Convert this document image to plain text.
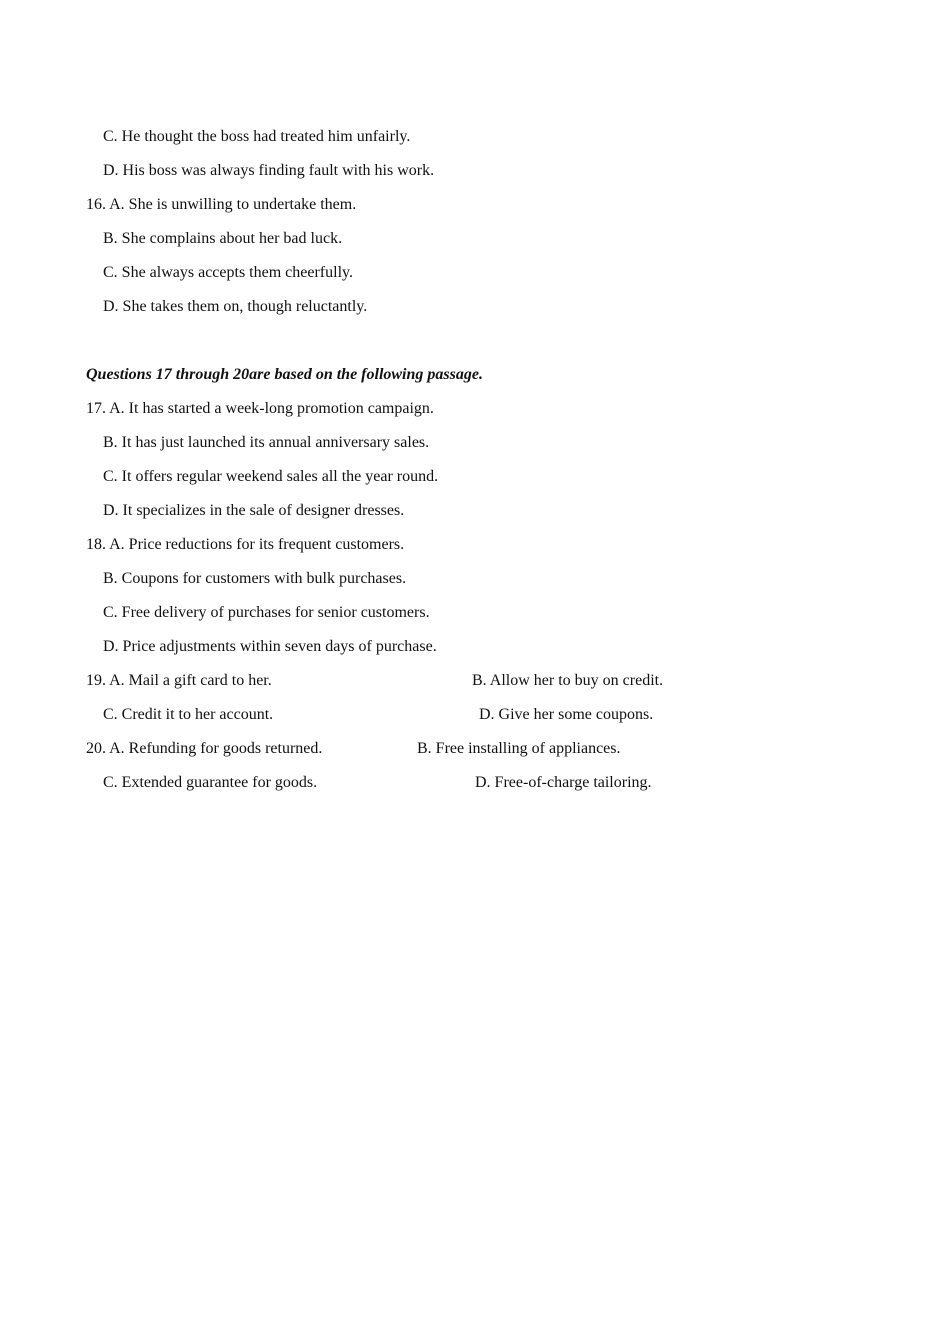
C. He thought the boss had treated him unfairly.
D. His boss was always finding fault with his work.
16. A. She is unwilling to undertake them.
B. She complains about her bad luck.
C. She always accepts them cheerfully.
D. She takes them on, though reluctantly.
Questions 17 through 20are based on the following passage.
17. A. It has started a week-long promotion campaign.
B. It has just launched its annual anniversary sales.
C. It offers regular weekend sales all the year round.
D. It specializes in the sale of designer dresses.
18. A. Price reductions for its frequent customers.
B. Coupons for customers with bulk purchases.
C. Free delivery of purchases for senior customers.
D. Price adjustments within seven days of purchase.
19. A. Mail a gift card to her.	B. Allow her to buy on credit.
C. Credit it to her account.	D. Give her some coupons.
20. A. Refunding for goods returned.	B. Free installing of appliances.
C. Extended guarantee for goods.	D. Free-of-charge tailoring.
